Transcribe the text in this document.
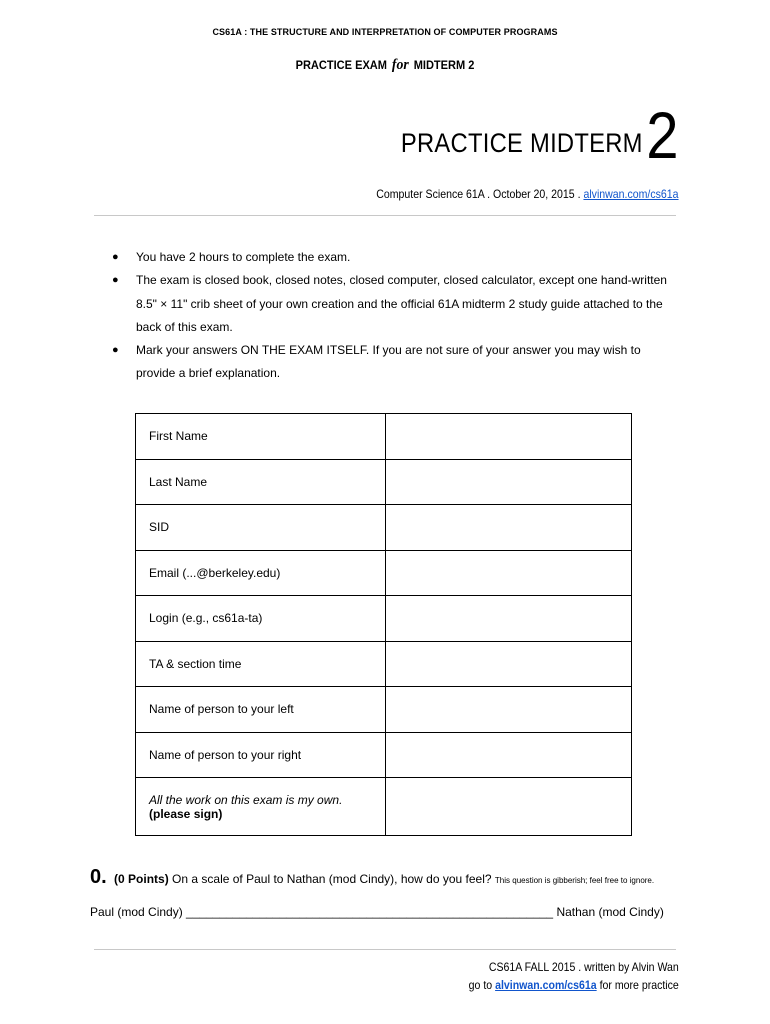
CS61A : THE STRUCTURE AND INTERPRETATION OF COMPUTER PROGRAMS
PRACTICE EXAM for MIDTERM 2
PRACTICE MIDTERM2
Computer Science 61A . October 20, 2015 . alvinwan.com/cs61a
● You have 2 hours to complete the exam.
● The exam is closed book, closed notes, closed computer, closed calculator, except one hand-written 8.5" × 11" crib sheet of your own creation and the official 61A midterm 2 study guide attached to the back of this exam.
● Mark your answers ON THE EXAM ITSELF. If you are not sure of your answer you may wish to provide a brief explanation.
First Name	
Last Name	
SID	
Email (...@berkeley.edu)	
Login (e.g., cs61a-ta)	
TA & section time	
Name of person to your left	
Name of person to your right	

All the work on this exam is my own.
(please sign)	

0. (0 Points) On a scale of Paul to Nathan (mod Cindy), how do you feel? This question is gibberish; feel free to ignore.
Paul (mod Cindy) _______________________________________________________ Nathan (mod Cindy)
CS61A FALL 2015 . written by Alvin Wan
go to alvinwan.com/cs61a for more practice
